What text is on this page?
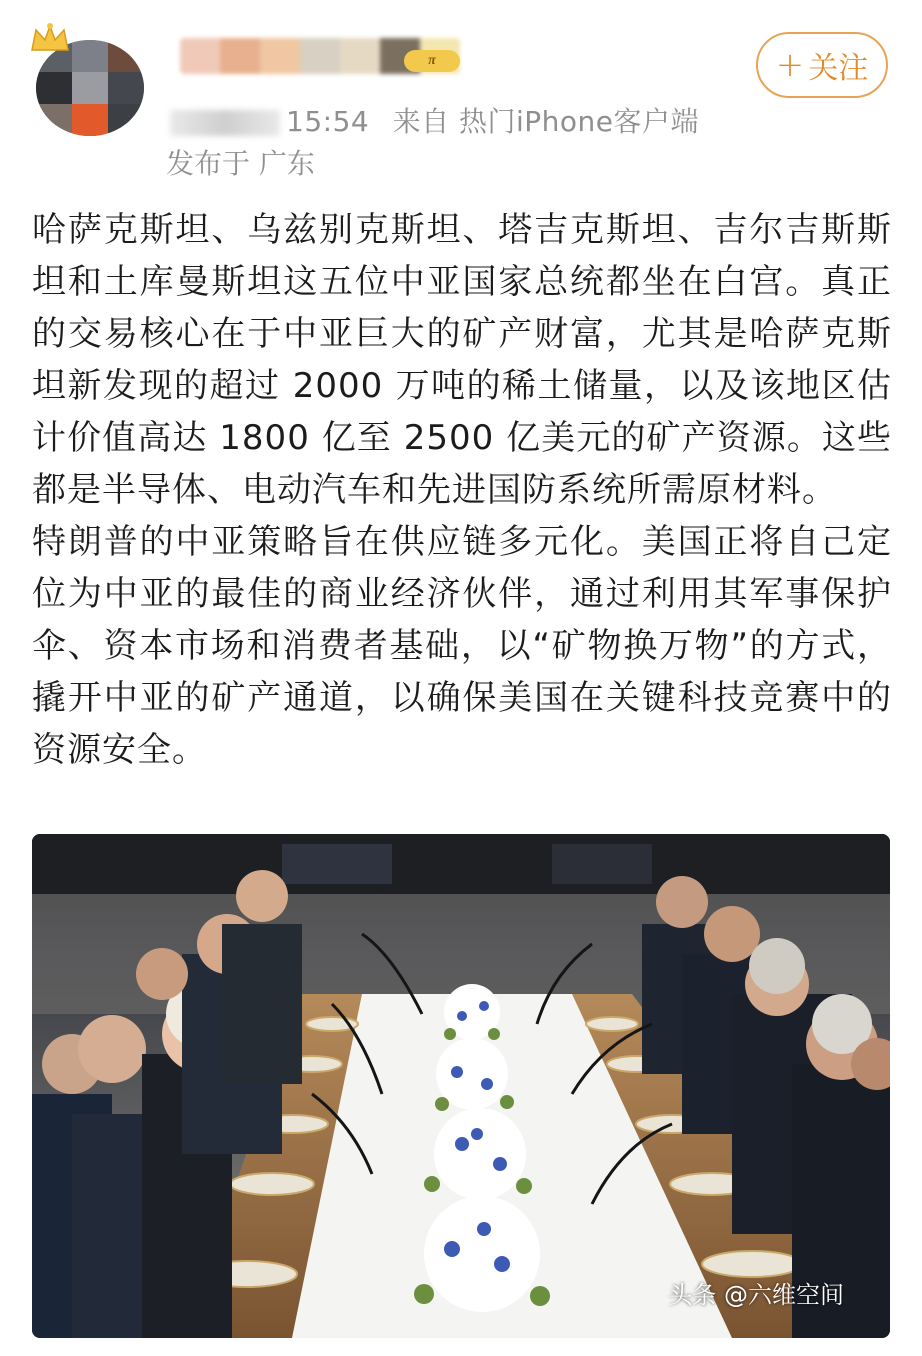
π
15:54 来自 热门iPhone客户端
发布于 广东
+ 关注

哈萨克斯坦、乌兹别克斯坦、塔吉克斯坦、吉尔吉斯斯坦和土库曼斯坦这五位中亚国家总统都坐在白宫。真正的交易核心在于中亚巨大的矿产财富，尤其是哈萨克斯坦新发现的超过 2000 万吨的稀土储量，以及该地区估计价值高达 1800 亿至 2500 亿美元的矿产资源。这些都是半导体、电动汽车和先进国防系统所需原材料。

特朗普的中亚策略旨在供应链多元化。美国正将自己定位为中亚的最佳的商业经济伙伴，通过利用其军事保护伞、资本市场和消费者基础，以“矿物换万物”的方式，撬开中亚的矿产通道，以确保美国在关键科技竞赛中的资源安全。

头条 @六维空间
